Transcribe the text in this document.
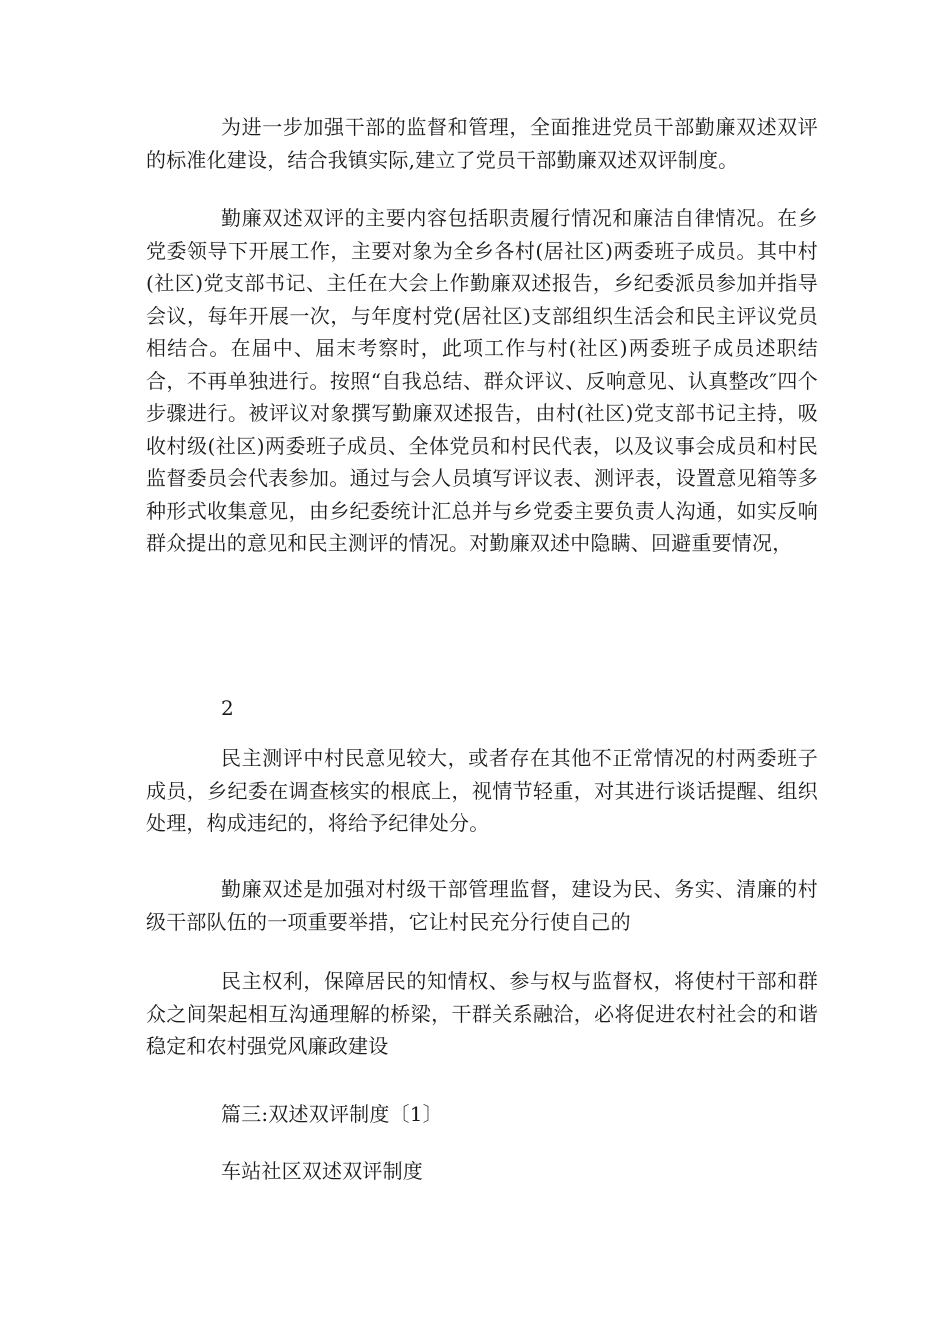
为进一步加强干部的监督和管理，全面推进党员干部勤廉双述双评的标准化建设，结合我镇实际,建立了党员干部勤廉双述双评制度。

勤廉双述双评的主要内容包括职责履行情况和廉洁自律情况。在乡党委领导下开展工作，主要对象为全乡各村(居社区)两委班子成员。其中村(社区)党支部书记、主任在大会上作勤廉双述报告，乡纪委派员参加并指导会议，每年开展一次，与年度村党(居社区)支部组织生活会和民主评议党员相结合。在届中、届末考察时，此项工作与村(社区)两委班子成员述职结合，不再单独进行。按照“自我总结、群众评议、反响意见、认真整改″四个步骤进行。被评议对象撰写勤廉双述报告，由村(社区)党支部书记主持，吸收村级(社区)两委班子成员、全体党员和村民代表，以及议事会成员和村民监督委员会代表参加。通过与会人员填写评议表、测评表，设置意见箱等多种形式收集意见，由乡纪委统计汇总并与乡党委主要负责人沟通，如实反响群众提出的意见和民主测评的情况。对勤廉双述中隐瞒、回避重要情况，

2

民主测评中村民意见较大，或者存在其他不正常情况的村两委班子成员，乡纪委在调查核实的根底上，视情节轻重，对其进行谈话提醒、组织处理，构成违纪的，将给予纪律处分。

勤廉双述是加强对村级干部管理监督，建设为民、务实、清廉的村级干部队伍的一项重要举措，它让村民充分行使自己的

民主权利，保障居民的知情权、参与权与监督权，将使村干部和群众之间架起相互沟通理解的桥梁，干群关系融洽，必将促进农村社会的和谐稳定和农村强党风廉政建设

篇三:双述双评制度〔1〕

车站社区双述双评制度
